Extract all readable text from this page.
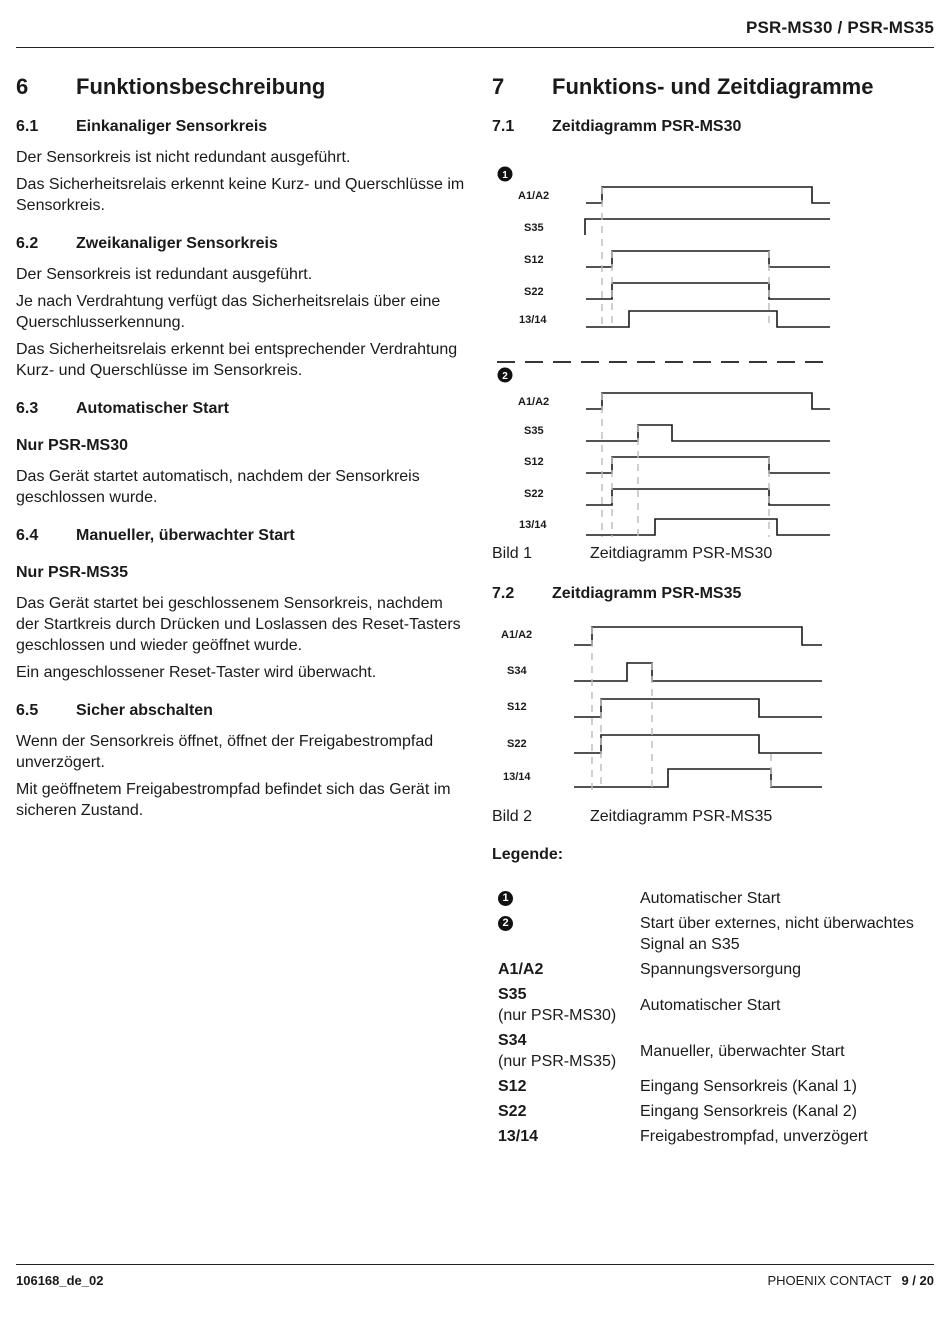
PSR-MS30 / PSR-MS35
6	Funktionsbeschreibung
6.1	Einkanaliger Sensorkreis

Der Sensorkreis ist nicht redundant ausgeführt.

Das Sicherheitsrelais erkennt keine Kurz- und Querschlüsse im Sensorkreis.

6.2	Zweikanaliger Sensorkreis

Der Sensorkreis ist redundant ausgeführt.

Je nach Verdrahtung verfügt das Sicherheitsrelais über eine Querschlusserkennung.

Das Sicherheitsrelais erkennt bei entsprechender Verdrahtung Kurz- und Querschlüsse im Sensorkreis.

6.3	Automatischer Start
Nur PSR-MS30

Das Gerät startet automatisch, nachdem der Sensorkreis geschlossen wurde.

6.4	Manueller, überwachter Start
Nur PSR-MS35

Das Gerät startet bei geschlossenem Sensorkreis, nachdem der Startkreis durch Drücken und Loslassen des Reset-Tasters geschlossen und wieder geöffnet wurde.

Ein angeschlossener Reset-Taster wird überwacht.

6.5	Sicher abschalten

Wenn der Sensorkreis öffnet, öffnet der Freigabestrompfad unverzögert.

Mit geöffnetem Freigabestrompfad befindet sich das Gerät im sicheren Zustand.

7	Funktions- und Zeitdiagramme
7.1	Zeitdiagramm PSR-MS30
1
A1/A2
S35
S12
S22
13/14
2
A1/A2
S35
S12
S22
13/14
Bild 1	Zeitdiagramm PSR-MS30
7.2	Zeitdiagramm PSR-MS35
A1/A2
S34
S12
S22
13/14
Bild 2	Zeitdiagramm PSR-MS35
Legende:
1	Automatischer Start
2	Start über externes, nicht überwachtes Signal an S35
A1/A2	Spannungsversorgung

S35
(nur PSR-MS30)	Automatischer Start

S34
(nur PSR-MS35)	Manueller, überwachter Start
S12	Eingang Sensorkreis (Kanal 1)
S22	Eingang Sensorkreis (Kanal 2)
13/14	Freigabestrompfad, unverzögert
106168_de_02	PHOENIX CONTACT 9 / 20
